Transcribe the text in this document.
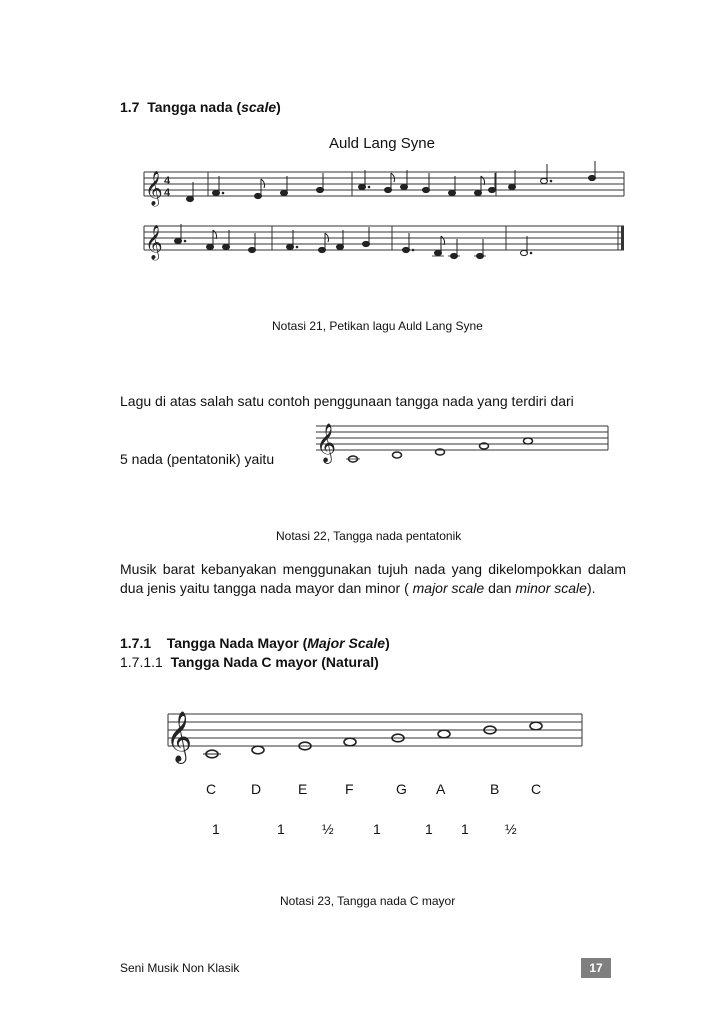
1.7 Tangga nada (scale)
Auld Lang Syne
𝄞
𝄞
4
4
Notasi 21, Petikan lagu Auld Lang Syne
Lagu di atas salah satu contoh penggunaan tangga nada yang terdiri dari
5 nada (pentatonik) yaitu 𝄞
Notasi 22, Tangga nada pentatonik
Musik barat kebanyakan menggunakan tujuh nada yang dikelompokkan dalam dua jenis yaitu tangga nada mayor dan minor ( major scale dan minor scale).
1.7.1 Tangga Nada Mayor (Major Scale)
1.7.1.1 Tangga Nada C mayor (Natural)
𝄞
C D	E	F	G A	B C
1	1	½	1	1 1	½
Notasi 23, Tangga nada C mayor
Seni Musik Non Klasik	17
